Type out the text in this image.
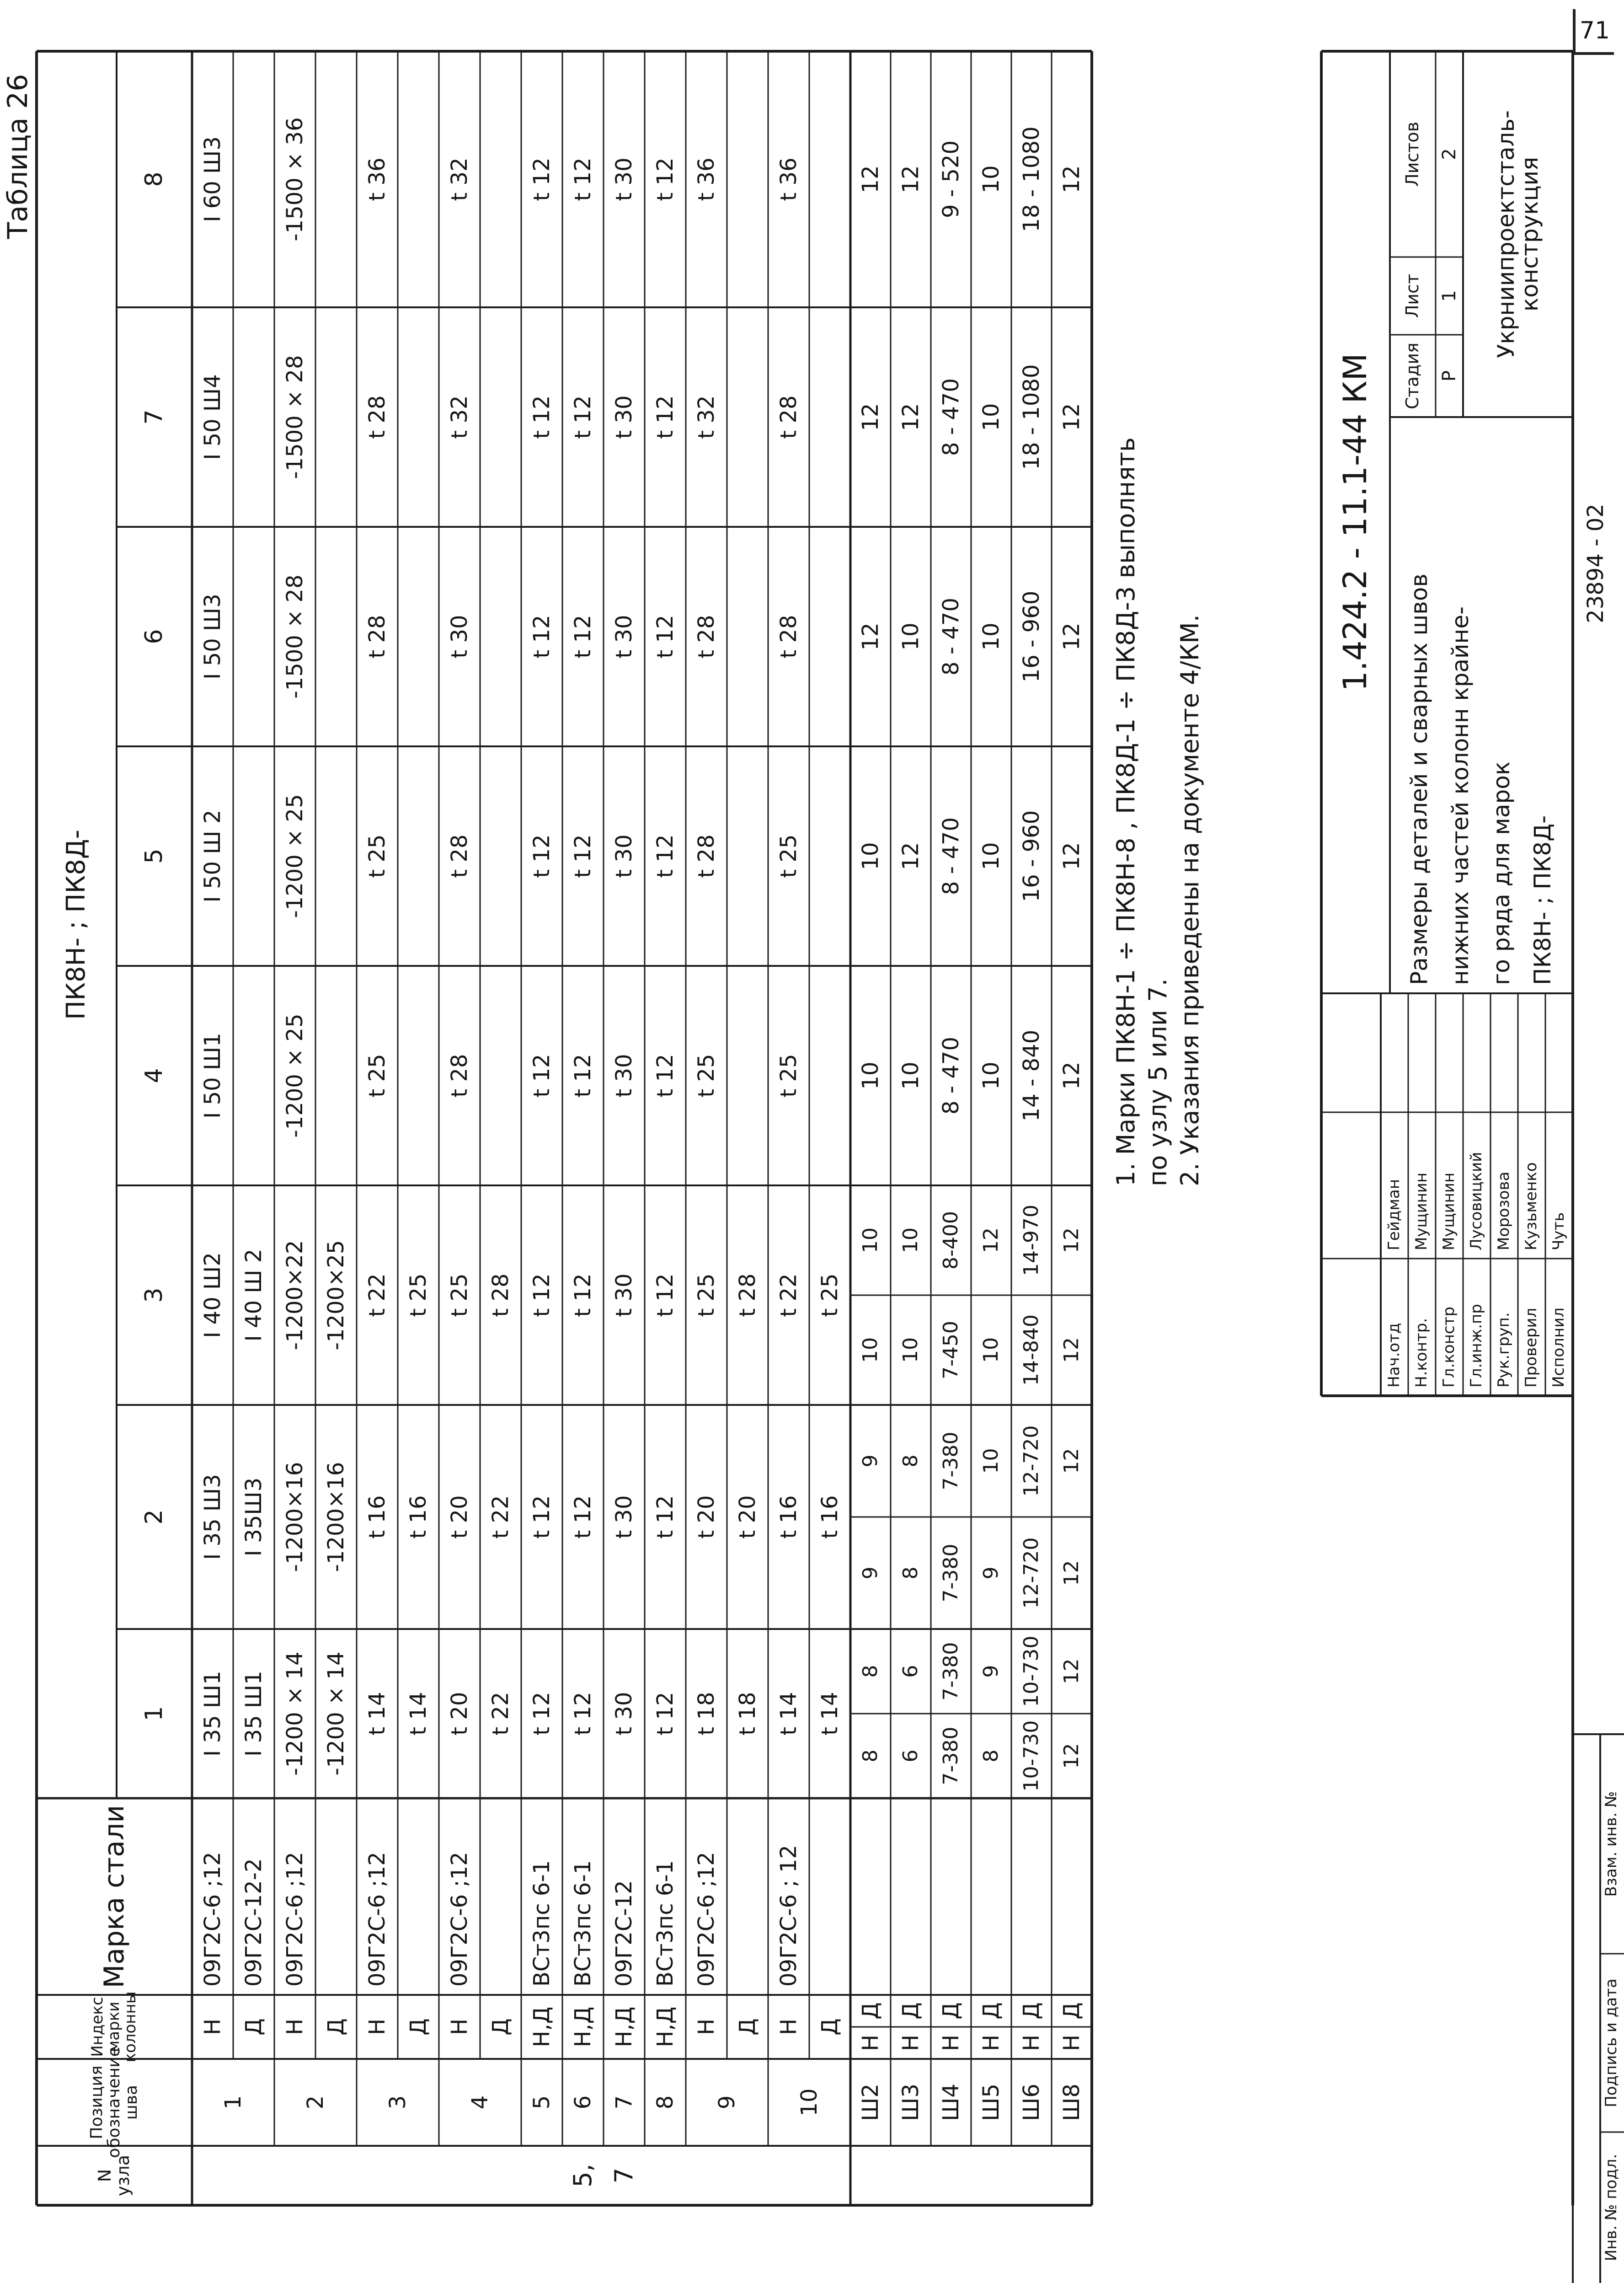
71
Таблица 26
N узла
Позиция обозначение шва
Индекс марки колонны
Марка стали
ПК8Н- ; ПК8Д-
1
2
3
4
5
6
7
8
1
Н
09Г2С-6 ;12
I 35 Ш1
I 35 Ш3
I 40 Ш2
I 50 Ш1
I 50 Ш 2
I 50 Ш3
I 50 Ш4
I 60 Ш3
Д
09Г2С-12-2
I 35 Ш1
I 35Ш3
I 40 Ш 2
2
Н
09Г2С-6 ;12
-1200 × 14
-1200×16
-1200×22
-1200 × 25
-1200 × 25
-1500 × 28
-1500 × 28
-1500 × 36
Д
-1200 × 14
-1200×16
-1200×25
3
Н
09Г2С-6 ;12
t 14
t 16
t 22
t 25
t 25
t 28
t 28
t 36
Д
t 14
t 16
t 25
4
Н
09Г2С-6 ;12
t 20
t 20
t 25
t 28
t 28
t 30
t 32
t 32
Д
t 22
t 22
t 28
5
Н,Д
ВСт3пс 6-1
t 12
t 12
t 12
t 12
t 12
t 12
t 12
t 12
6
Н,Д
ВСт3пс 6-1
t 12
t 12
t 12
t 12
t 12
t 12
t 12
t 12
5,
7
Н,Д
09Г2С-12
t 30
t 30
t 30
t 30
t 30
t 30
t 30
t 30
7
8
Н,Д
ВСт3пс 6-1
t 12
t 12
t 12
t 12
t 12
t 12
t 12
t 12
9
Н
09Г2С-6 ;12
t 18
t 20
t 25
t 25
t 28
t 28
t 32
t 36
Д
t 18
t 20
t 28
10
Н
09Г2С-6 ; 12
t 14
t 16
t 22
t 25
t 25
t 28
t 28
t 36
Д
t 14
t 16
t 25
Ш2
Н
Д
8
8
9
9
10
10
10
10
12
12
12
Ш3
Н
Д
6
6
8
8
10
10
10
12
10
12
12
Ш4
Н
Д
7-380
7-380
7-380
7-380
7-450
8-400
8 - 470
8 - 470
8 - 470
8 - 470
9 - 520
Ш5
Н
Д
8
9
9
10
10
12
10
10
10
10
10
Ш6
Н
Д
10-730
10-730
12-720
12-720
14-840
14-970
14 - 840
16 - 960
16 - 960
18 - 1080
18 - 1080
Ш8
Н
Д
12
12
12
12
12
12
12
12
12
12
12
1. Марки ПК8Н-1 ÷ ПК8Н-8 , ПК8Д-1 ÷ ПК8Д-3 выполнять по узлу 5 или 7. 2. Указания приведены на документе 4/КМ.
Нач.отд
Гейдман
Н.контр.
Мущинин
Гл.констр
Мущинин
Гл.инж.пр
Лусовицкий
Рук.груп.
Морозова
Проверил
Кузьменко
Исполнил
Чуть
1.424.2 - 11.1-44 КМ
Размеры деталей и сварных швов нижних частей колонн крайне- го ряда для марок ПК8Н- ; ПК8Д-
Стадия
Лист
Листов
Р
1
2	Укрниипроектсталь-конструкция
23894 - 02
Инв. № подл.
Подпись и дата
Взам. инв. №
